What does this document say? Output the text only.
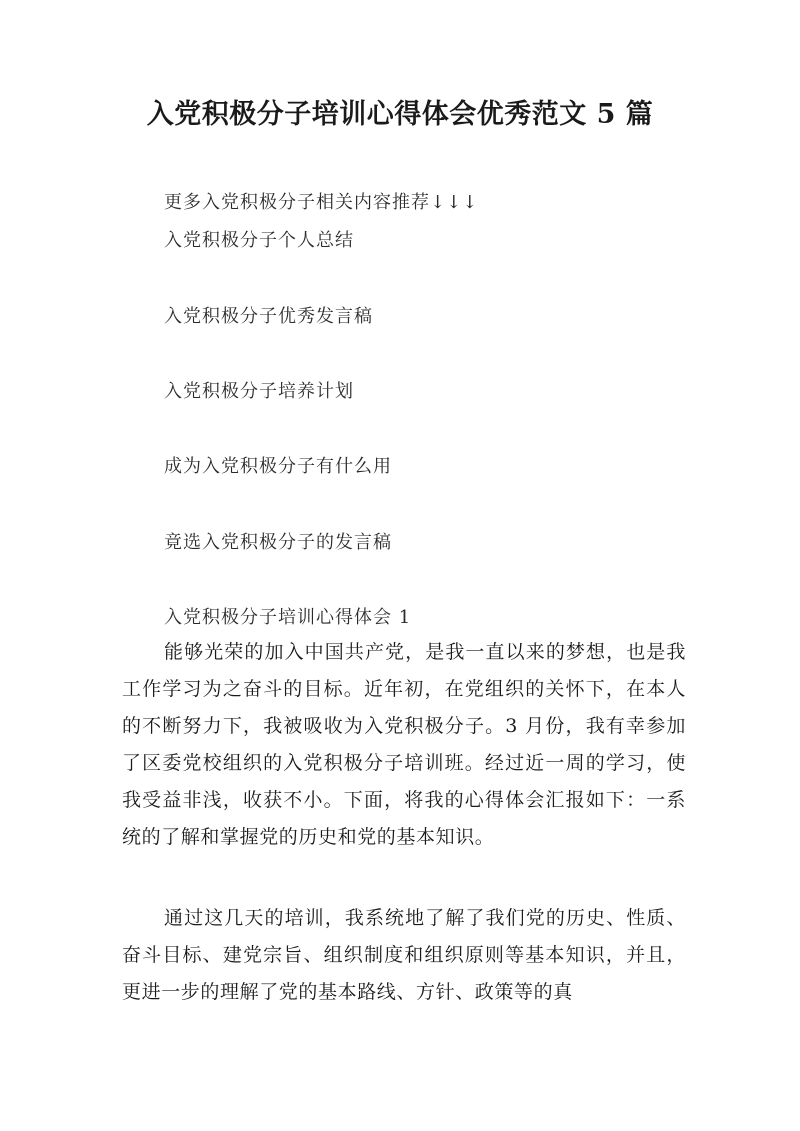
入党积极分子培训心得体会优秀范文 5 篇
更多入党积极分子相关内容推荐↓↓↓
入党积极分子个人总结
入党积极分子优秀发言稿
入党积极分子培养计划
成为入党积极分子有什么用
竟选入党积极分子的发言稿
入党积极分子培训心得体会 1

能够光荣的加入中国共产党，是我一直以来的梦想，也是我工作学习为之奋斗的目标。近年初，在党组织的关怀下，在本人的不断努力下，我被吸收为入党积极分子。3 月份，我有幸参加了区委党校组织的入党积极分子培训班。经过近一周的学习，使我受益非浅，收获不小。下面，将我的心得体会汇报如下：一系统的了解和掌握党的历史和党的基本知识。

通过这几天的培训，我系统地了解了我们党的历史、性质、奋斗目标、建党宗旨、组织制度和组织原则等基本知识，并且，更进一步的理解了党的基本路线、方针、政策等的真
